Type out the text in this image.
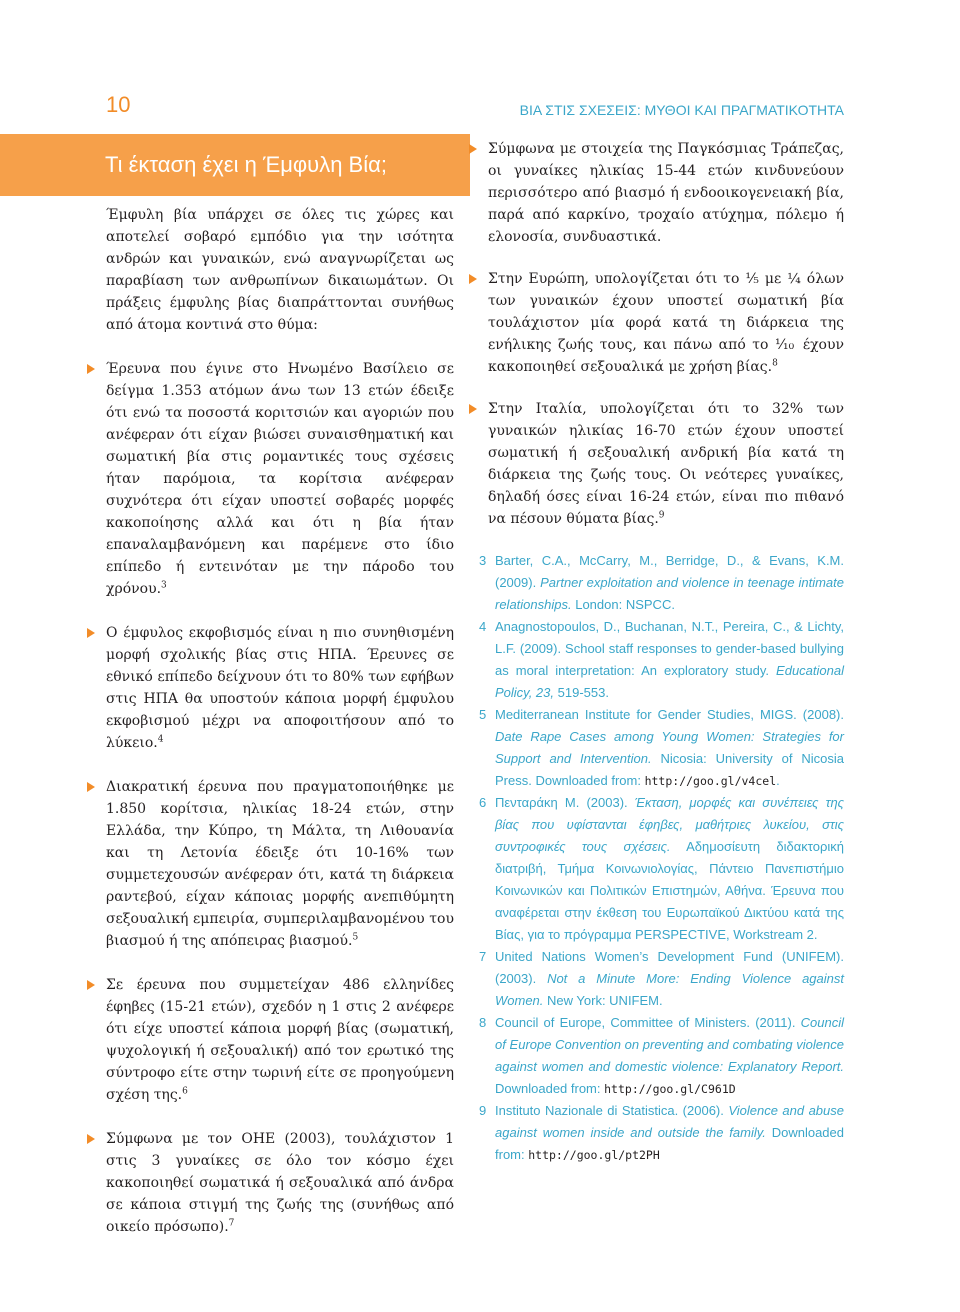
10	ΒΙΑ ΣΤΙΣ ΣΧΕΣΕΙΣ: ΜΥΘΟΙ ΚΑΙ ΠΡΑΓΜΑΤΙΚΟΤΗΤΑ
Τι έκταση έχει η Έμφυλη Βία;

Έμφυλη βία υπάρχει σε όλες τις χώρες και αποτελεί σοβαρό εμπόδιο για την ισότητα ανδρών και γυναικών, ενώ αναγνωρίζεται ως παραβίαση των ανθρωπίνων δικαιωμάτων. Οι πράξεις έμφυλης βίας διαπράττονται συνήθως από άτομα κοντινά στο θύμα:

Έρευνα που έγινε στο Ηνωμένο Βασίλειο σε δείγμα 1.353 ατόμων άνω των 13 ετών έδειξε ότι ενώ τα ποσοστά κοριτσιών και αγοριών που ανέφεραν ότι είχαν βιώσει συναισθηματική και σωματική βία στις ρομαντικές τους σχέσεις ήταν παρόμοια, τα κορίτσια ανέφεραν συχνότερα ότι είχαν υποστεί σοβαρές μορφές κακοποίησης αλλά και ότι η βία ήταν επαναλαμβανόμενη και παρέμενε στο ίδιο επίπεδο ή εντεινόταν με την πάροδο του χρόνου.$^3$

Ο έμφυλος εκφοβισμός είναι η πιο συνηθισμένη μορφή σχολικής βίας στις ΗΠΑ. Έρευνες σε εθνικό επίπεδο δείχνουν ότι το 80% των εφήβων στις ΗΠΑ θα υποστούν κάποια μορφή έμφυλου εκφοβισμού μέχρι να αποφοιτήσουν από το λύκειο.$^4$

Διακρατική έρευνα που πραγματοποιήθηκε με 1.850 κορίτσια, ηλικίας 18-24 ετών, στην Ελλάδα, την Κύπρο, τη Μάλτα, τη Λιθουανία και τη Λετονία έδειξε ότι 10-16% των συμμετεχουσών ανέφεραν ότι, κατά τη διάρκεια ραντεβού, είχαν κάποιας μορφής ανεπιθύμητη σεξουαλική εμπειρία, συμπεριλαμβανομένου του βιασμού ή της απόπειρας βιασμού.$^5$

Σε έρευνα που συμμετείχαν 486 ελληνίδες έφηβες (15-21 ετών), σχεδόν η 1 στις 2 ανέφερε ότι είχε υποστεί κάποια μορφή βίας (σωματική, ψυχολογική ή σεξουαλική) από τον ερωτικό της σύντροφο είτε στην τωρινή είτε σε προηγούμενη σχέση της.$^6$

Σύμφωνα με τον ΟΗΕ (2003), τουλάχιστον 1 στις 3 γυναίκες σε όλο τον κόσμο έχει κακοποιηθεί σωματικά ή σεξουαλικά από άνδρα σε κάποια στιγμή της ζωής της (συνήθως από οικείο πρόσωπο).$^7$

Σύμφωνα με στοιχεία της Παγκόσμιας Τράπεζας, οι γυναίκες ηλικίας 15-44 ετών κινδυνεύουν περισσότερο από βιασμό ή ενδοοικογενειακή βία, παρά από καρκίνο, τροχαίο ατύχημα, πόλεμο ή ελονοσία, συνδυαστικά.

Στην Ευρώπη, υπολογίζεται ότι το ⅕ με ¼ όλων των γυναικών έχουν υποστεί σωματική βία τουλάχιστον μία φορά κατά τη διάρκεια της ενήλικης ζωής τους, και πάνω από το ⅒ έχουν κακοποιηθεί σεξουαλικά με χρήση βίας.$^8$

Στην Ιταλία, υπολογίζεται ότι το 32% των γυναικών ηλικίας 16-70 ετών έχουν υποστεί σωματική ή σεξουαλική ανδρική βία κατά τη διάρκεια της ζωής τους. Οι νεότερες γυναίκες, δηλαδή όσες είναι 16-24 ετών, είναι πιο πιθανό να πέσουν θύματα βίας.$^9$

3 Barter, C.A., McCarry, M., Berridge, D., & Evans, K.M. (2009). Partner exploitation and violence in teenage intimate relationships. London: NSPCC.
4 Anagnostopoulos, D., Buchanan, N.T., Pereira, C., & Lichty, L.F. (2009). School staff responses to gender-based bullying as moral interpretation: An exploratory study. Educational Policy, 23, 519-553.
5 Mediterranean Institute for Gender Studies, MIGS. (2008). Date Rape Cases among Young Women: Strategies for Support and Intervention. Nicosia: University of Nicosia Press. Downloaded from: http://goo.gl/v4cel.
6 Πενταράκη Μ. (2003). Έκταση, μορφές και συνέπειες της βίας που υφίστανται έφηβες, μαθήτριες λυκείου, στις συντροφικές τους σχέσεις. Αδημοσίευτη διδακτορική διατριβή, Τμήμα Κοινωνιολογίας, Πάντειο Πανεπιστήμιο Κοινωνικών και Πολιτικών Επιστημών, Αθήνα. Έρευνα που αναφέρεται στην έκθεση του Ευρωπαϊκού Δικτύου κατά της Βίας, για το πρόγραμμα PERSPECTIVE, Workstream 2.
7 United Nations Women’s Development Fund (UNIFEM). (2003). Not a Minute More: Ending Violence against Women. New York: UNIFEM.
8 Council of Europe, Committee of Ministers. (2011). Council of Europe Convention on preventing and combating violence against women and domestic violence: Explanatory Report. Downloaded from: http://goo.gl/C961D
9 Instituto Nazionale di Statistica. (2006). Violence and abuse against women inside and outside the family. Downloaded from: http://goo.gl/pt2PH
